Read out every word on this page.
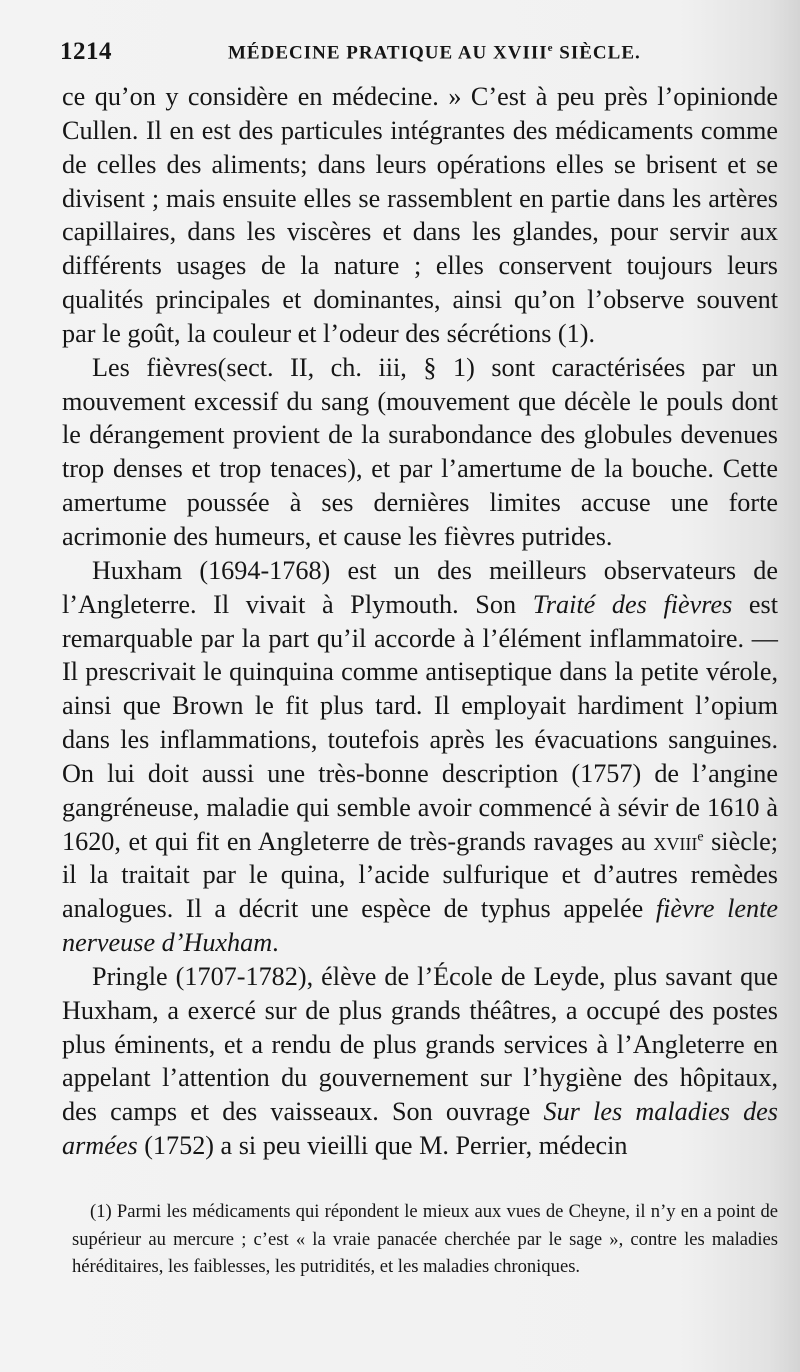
1214	MÉDECINE PRATIQUE AU XVIIIe SIÈCLE.

ce qu’on y considère en médecine. » C’est à peu près l’opinionde Cullen. Il en est des particules intégrantes des médicaments comme de celles des aliments; dans leurs opérations elles se brisent et se divisent ; mais ensuite elles se rassemblent en partie dans les artères capillaires, dans les viscères et dans les glandes, pour servir aux différents usages de la nature ; elles conservent toujours leurs qualités principales et dominantes, ainsi qu’on l’observe souvent par le goût, la couleur et l’odeur des sécrétions (1).

Les fièvres(sect. II, ch. iii, § 1) sont caractérisées par un mouvement excessif du sang (mouvement que décèle le pouls dont le dérangement provient de la surabondance des globules devenues trop denses et trop tenaces), et par l’amertume de la bouche. Cette amertume poussée à ses dernières limites accuse une forte acrimonie des humeurs, et cause les fièvres putrides.

Huxham (1694-1768) est un des meilleurs observateurs de l’Angleterre. Il vivait à Plymouth. Son Traité des fièvres est remarquable par la part qu’il accorde à l’élément inflammatoire. — Il prescrivait le quinquina comme antiseptique dans la petite vérole, ainsi que Brown le fit plus tard. Il employait hardiment l’opium dans les inflammations, toutefois après les évacuations sanguines. On lui doit aussi une très-bonne description (1757) de l’angine gangréneuse, maladie qui semble avoir commencé à sévir de 1610 à 1620, et qui fit en Angleterre de très-grands ravages au xviii$^e$ siècle; il la traitait par le quina, l’acide sulfurique et d’autres remèdes analogues. Il a décrit une espèce de typhus appelée fièvre lente nerveuse d’Huxham.

Pringle (1707-1782), élève de l’École de Leyde, plus savant que Huxham, a exercé sur de plus grands théâtres, a occupé des postes plus éminents, et a rendu de plus grands services à l’Angleterre en appelant l’attention du gouvernement sur l’hygiène des hôpitaux, des camps et des vaisseaux. Son ouvrage Sur les maladies des armées (1752) a si peu vieilli que M. Perrier, médecin

(1) Parmi les médicaments qui répondent le mieux aux vues de Cheyne, il n’y en a point de supérieur au mercure ; c’est « la vraie panacée cherchée par le sage », contre les maladies héréditaires, les faiblesses, les putridités, et les maladies chroniques.
